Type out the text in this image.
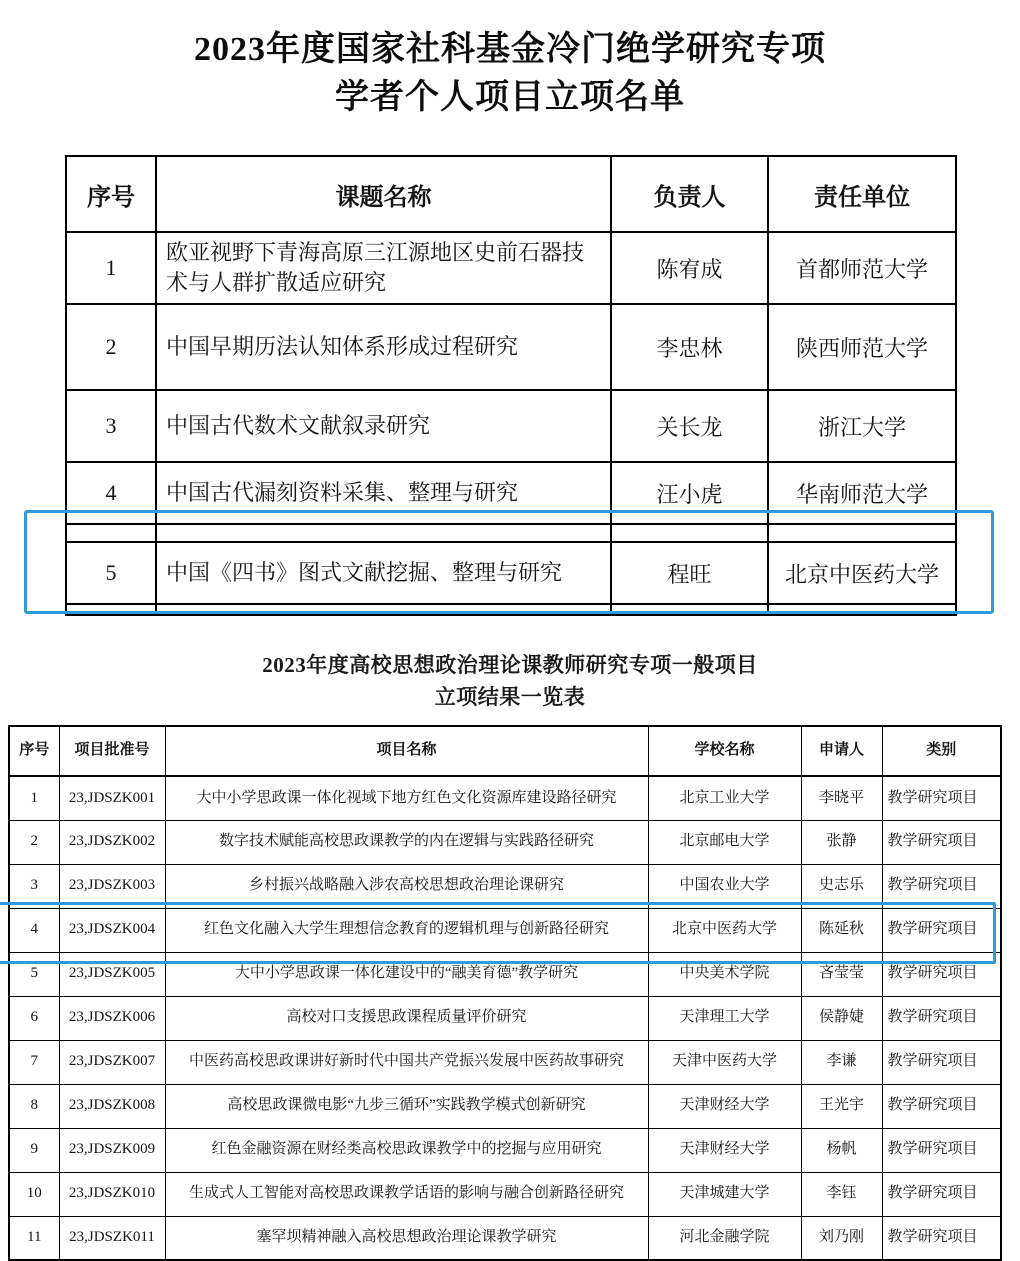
2023年度国家社科基金冷门绝学研究专项
学者个人项目立项名单
序号	课题名称	负责人	责任单位
1	欧亚视野下青海高原三江源地区史前石器技术与人群扩散适应研究	陈宥成	首都师范大学
2	中国早期历法认知体系形成过程研究	李忠林	陕西师范大学
3	中国古代数术文献叙录研究	关长龙	浙江大学
4	中国古代漏刻资料采集、整理与研究	汪小虎	华南师范大学

5	中国《四书》图式文献挖掘、整理与研究	程旺	北京中医药大学

2023年度高校思想政治理论课教师研究专项一般项目
立项结果一览表
序号	项目批准号	项目名称	学校名称	申请人	类别
1	23,JDSZK001	大中小学思政课一体化视域下地方红色文化资源库建设路径研究	北京工业大学	李晓平	教学研究项目
2	23,JDSZK002	数字技术赋能高校思政课教学的内在逻辑与实践路径研究	北京邮电大学	张静	教学研究项目
3	23,JDSZK003	乡村振兴战略融入涉农高校思想政治理论课研究	中国农业大学	史志乐	教学研究项目
4	23,JDSZK004	红色文化融入大学生理想信念教育的逻辑机理与创新路径研究	北京中医药大学	陈延秋	教学研究项目
5	23,JDSZK005	大中小学思政课一体化建设中的“融美育德”教学研究	中央美术学院	吝莹莹	教学研究项目
6	23,JDSZK006	高校对口支援思政课程质量评价研究	天津理工大学	侯静婕	教学研究项目
7	23,JDSZK007	中医药高校思政课讲好新时代中国共产党振兴发展中医药故事研究	天津中医药大学	李谦	教学研究项目
8	23,JDSZK008	高校思政课微电影“九步三循环”实践教学模式创新研究	天津财经大学	王光宇	教学研究项目
9	23,JDSZK009	红色金融资源在财经类高校思政课教学中的挖掘与应用研究	天津财经大学	杨帆	教学研究项目
10	23,JDSZK010	生成式人工智能对高校思政课教学话语的影响与融合创新路径研究	天津城建大学	李钰	教学研究项目
11	23,JDSZK011	塞罕坝精神融入高校思想政治理论课教学研究	河北金融学院	刘乃刚	教学研究项目
